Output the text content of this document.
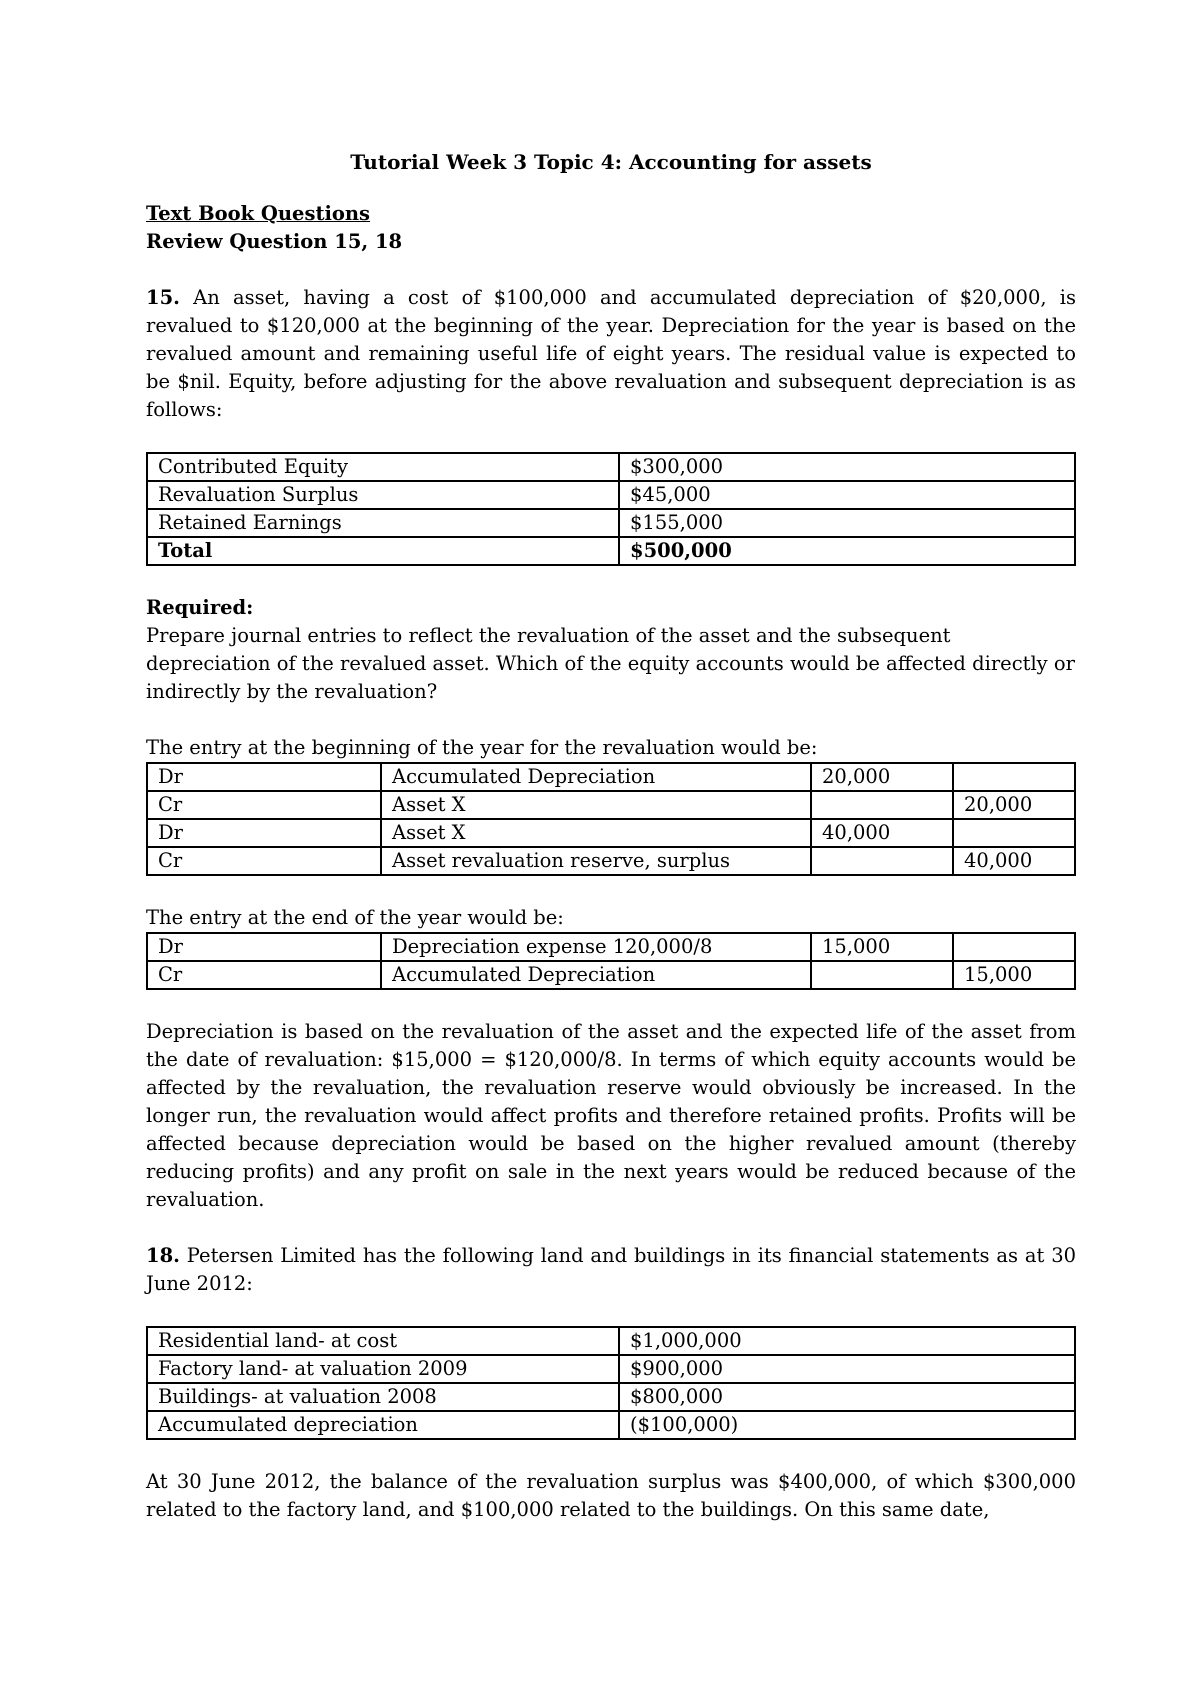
Tutorial Week 3 Topic 4: Accounting for assets

Text Book Questions

Review Question 15, 18

15. An asset, having a cost of $100,000 and accumulated depreciation of $20,000, is revalued to $120,000 at the beginning of the year. Depreciation for the year is based on the revalued amount and remaining useful life of eight years. The residual value is expected to be $nil. Equity, before adjusting for the above revaluation and subsequent depreciation is as follows:

Contributed Equity	$300,000
Revaluation Surplus	$45,000
Retained Earnings	$155,000
Total	$500,000

Required:

Prepare journal entries to reflect the revaluation of the asset and the subsequent depreciation of the revalued asset. Which of the equity accounts would be affected directly or indirectly by the revaluation?

The entry at the beginning of the year for the revaluation would be:

Dr	Accumulated Depreciation	20,000	
Cr	Asset X		20,000
Dr	Asset X	40,000	
Cr	Asset revaluation reserve, surplus		40,000

The entry at the end of the year would be:

Dr	Depreciation expense 120,000/8	15,000	
Cr	Accumulated Depreciation		15,000

Depreciation is based on the revaluation of the asset and the expected life of the asset from the date of revaluation: $15,000 = $120,000/8. In terms of which equity accounts would be affected by the revaluation, the revaluation reserve would obviously be increased. In the longer run, the revaluation would affect profits and therefore retained profits. Profits will be affected because depreciation would be based on the higher revalued amount (thereby reducing profits) and any profit on sale in the next years would be reduced because of the revaluation.

18. Petersen Limited has the following land and buildings in its financial statements as at 30 June 2012:

Residential land- at cost	$1,000,000
Factory land- at valuation 2009	$900,000
Buildings- at valuation 2008	$800,000
Accumulated depreciation	($100,000)

At 30 June 2012, the balance of the revaluation surplus was $400,000, of which $300,000 related to the factory land, and $100,000 related to the buildings. On this same date,
